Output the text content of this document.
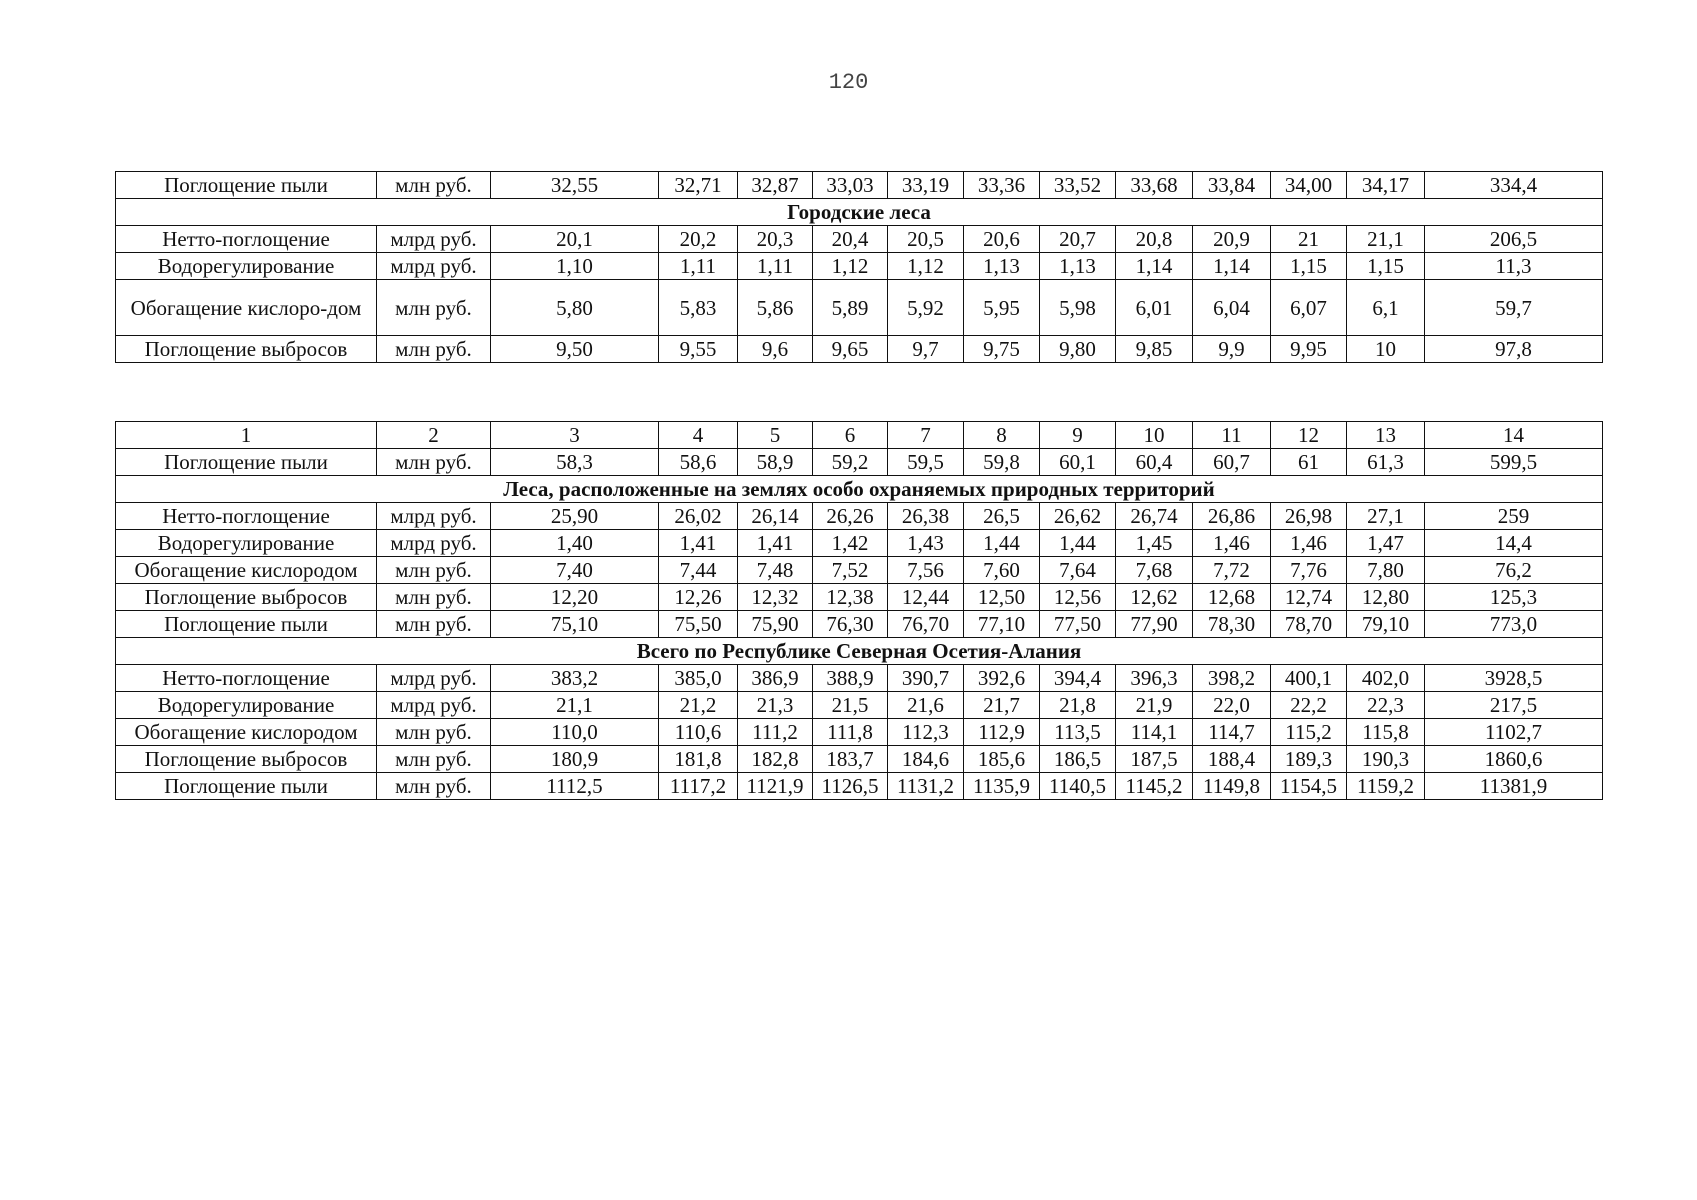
120
Поглощение пыли	млн руб.	32,55	32,71	32,87	33,03	33,19	33,36	33,52	33,68	33,84	34,00	34,17	334,4
Городские леса													
Нетто-поглощение	млрд руб.	20,1	20,2	20,3	20,4	20,5	20,6	20,7	20,8	20,9	21	21,1	206,5
Водорегулирование	млрд руб.	1,10	1,11	1,11	1,12	1,12	1,13	1,13	1,14	1,14	1,15	1,15	11,3
Обогащение кислоро-дом	млн руб.	5,80	5,83	5,86	5,89	5,92	5,95	5,98	6,01	6,04	6,07	6,1	59,7
Поглощение выбросов	млн руб.	9,50	9,55	9,6	9,65	9,7	9,75	9,80	9,85	9,9	9,95	10	97,8
1	2	3	4	5	6	7	8	9	10	11	12	13	14
Поглощение пыли	млн руб.	58,3	58,6	58,9	59,2	59,5	59,8	60,1	60,4	60,7	61	61,3	599,5
Леса, расположенные на землях особо охраняемых природных территорий													
Нетто-поглощение	млрд руб.	25,90	26,02	26,14	26,26	26,38	26,5	26,62	26,74	26,86	26,98	27,1	259
Водорегулирование	млрд руб.	1,40	1,41	1,41	1,42	1,43	1,44	1,44	1,45	1,46	1,46	1,47	14,4
Обогащение кислородом	млн руб.	7,40	7,44	7,48	7,52	7,56	7,60	7,64	7,68	7,72	7,76	7,80	76,2
Поглощение выбросов	млн руб.	12,20	12,26	12,32	12,38	12,44	12,50	12,56	12,62	12,68	12,74	12,80	125,3
Поглощение пыли	млн руб.	75,10	75,50	75,90	76,30	76,70	77,10	77,50	77,90	78,30	78,70	79,10	773,0
Всего по Республике Северная Осетия-Алания													
Нетто-поглощение	млрд руб.	383,2	385,0	386,9	388,9	390,7	392,6	394,4	396,3	398,2	400,1	402,0	3928,5
Водорегулирование	млрд руб.	21,1	21,2	21,3	21,5	21,6	21,7	21,8	21,9	22,0	22,2	22,3	217,5
Обогащение кислородом	млн руб.	110,0	110,6	111,2	111,8	112,3	112,9	113,5	114,1	114,7	115,2	115,8	1102,7
Поглощение выбросов	млн руб.	180,9	181,8	182,8	183,7	184,6	185,6	186,5	187,5	188,4	189,3	190,3	1860,6
Поглощение пыли	млн руб.	1112,5	1117,2	1121,9	1126,5	1131,2	1135,9	1140,5	1145,2	1149,8	1154,5	1159,2	11381,9
